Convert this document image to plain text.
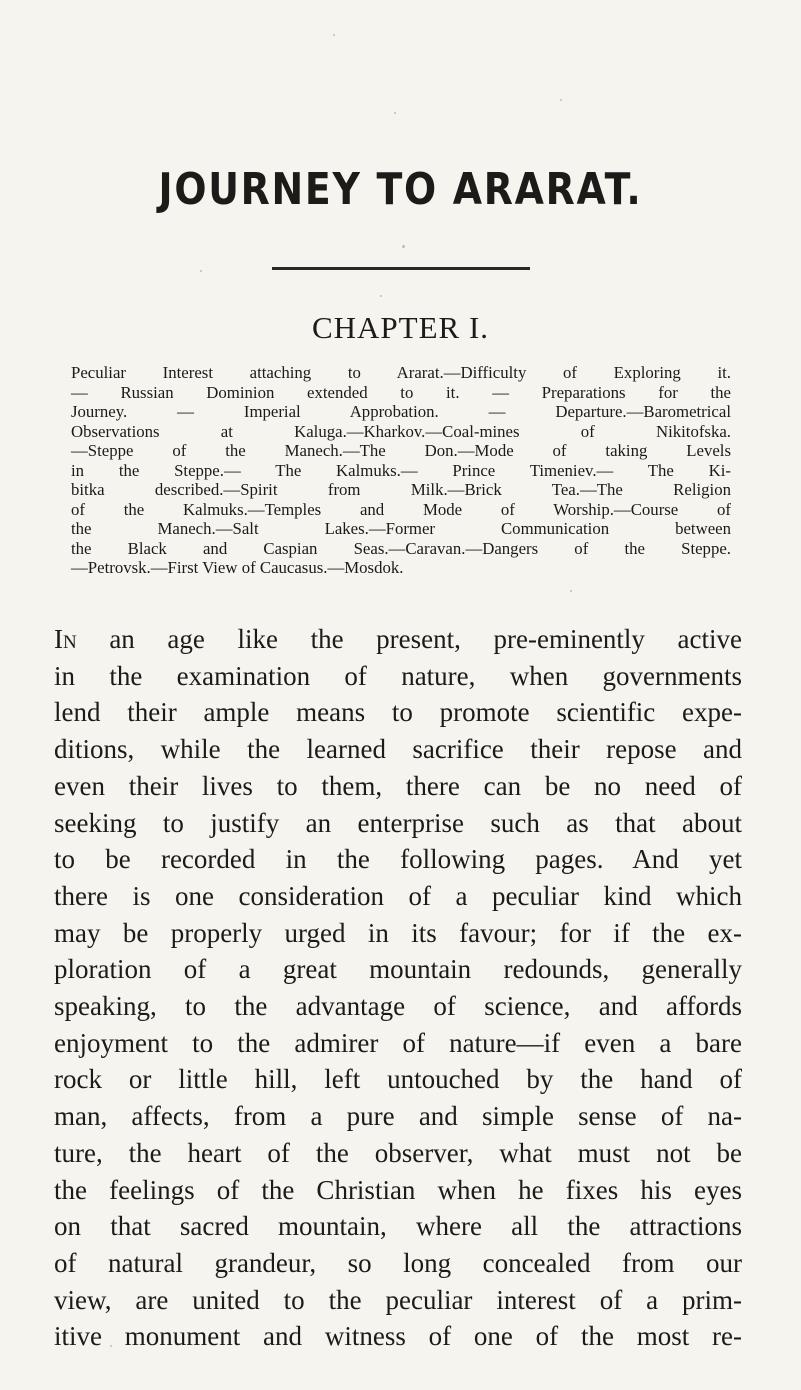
JOURNEY TO ARARAT.
CHAPTER I.
Peculiar Interest attaching to Ararat.—Difficulty of Exploring it.
— Russian Dominion extended to it. — Preparations for the
Journey. — Imperial Approbation. — Departure.—Barometrical
Observations at Kaluga.—Kharkov.—Coal-mines of Nikitofska.
—Steppe of the Manech.—The Don.—Mode of taking Levels
in the Steppe.— The Kalmuks.— Prince Timeniev.— The Ki-
bitka described.—Spirit from Milk.—Brick Tea.—The Religion
of the Kalmuks.—Temples and Mode of Worship.—Course of
the Manech.—Salt Lakes.—Former Communication between
the Black and Caspian Seas.—Caravan.—Dangers of the Steppe.
—Petrovsk.—First View of Caucasus.—Mosdok.
In an age like the present, pre-eminently active
in the examination of nature, when governments
lend their ample means to promote scientific expe-
ditions, while the learned sacrifice their repose and
even their lives to them, there can be no need of
seeking to justify an enterprise such as that about
to be recorded in the following pages. And yet
there is one consideration of a peculiar kind which
may be properly urged in its favour; for if the ex-
ploration of a great mountain redounds, generally
speaking, to the advantage of science, and affords
enjoyment to the admirer of nature—if even a bare
rock or little hill, left untouched by the hand of
man, affects, from a pure and simple sense of na-
ture, the heart of the observer, what must not be
the feelings of the Christian when he fixes his eyes
on that sacred mountain, where all the attractions
of natural grandeur, so long concealed from our
view, are united to the peculiar interest of a prim-
itive monument and witness of one of the most re-
